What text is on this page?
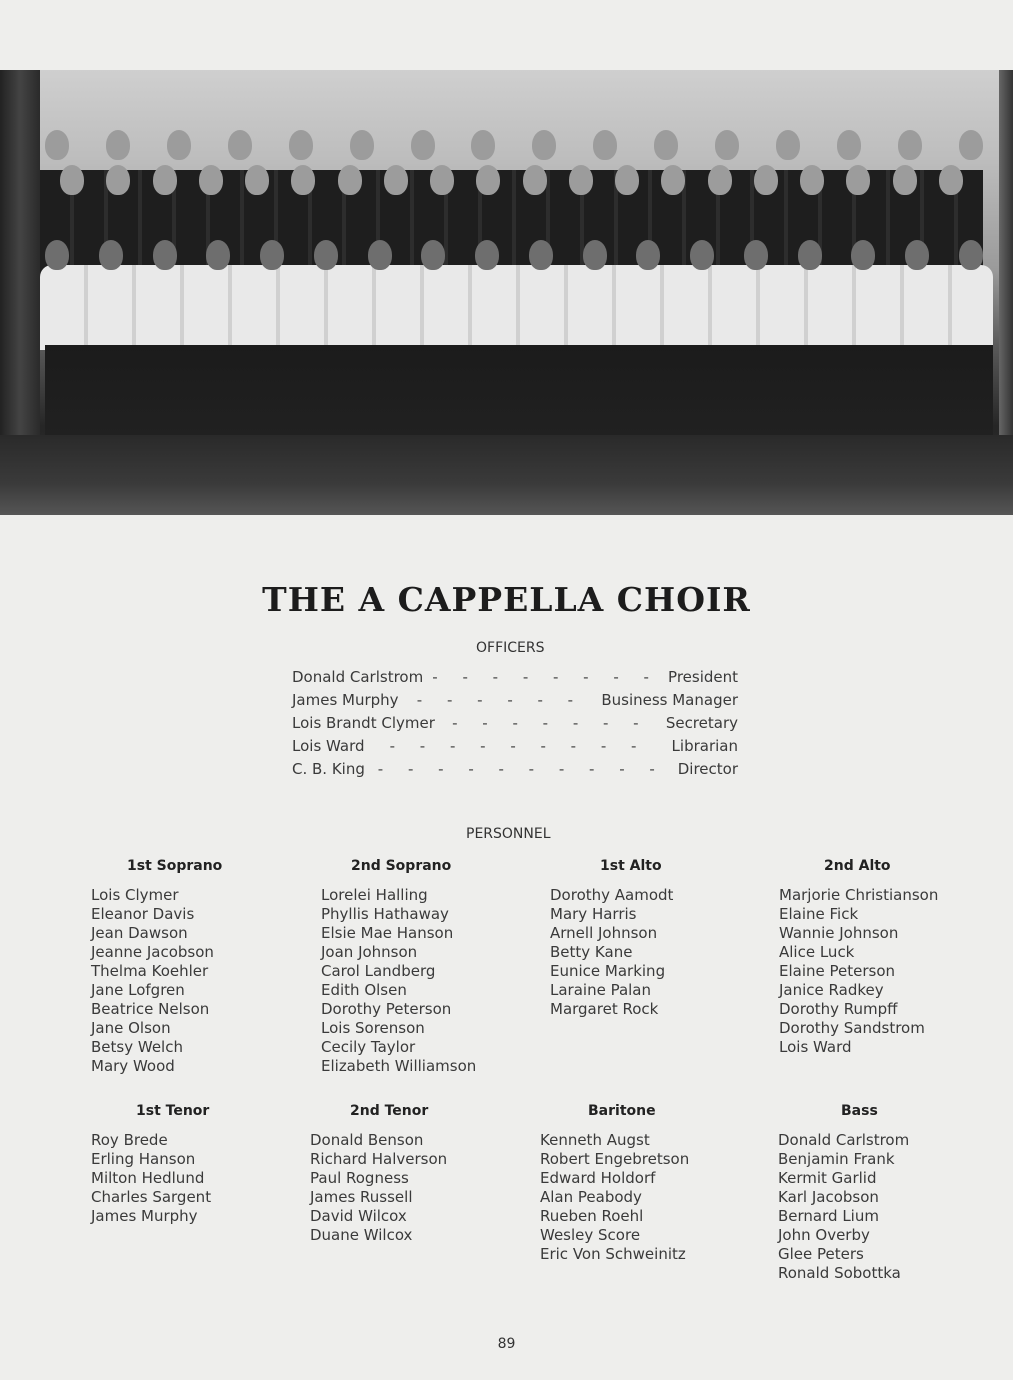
THE A CAPPELLA CHOIR
OFFICERS
Donald Carlstrom - - - - - - - - President
James Murphy	- - - - - -	Business Manager
Lois Brandt Clymer	- - - - - - -	Secretary
Lois Ward	- - - - - - - - -	Librarian
C. B. King - - - - - - - - - - Director
PERSONNEL
1st Soprano
Lois Clymer
Eleanor Davis
Jean Dawson
Jeanne Jacobson
Thelma Koehler
Jane Lofgren
Beatrice Nelson
Jane Olson
Betsy Welch
Mary Wood
2nd Soprano
Lorelei Halling
Phyllis Hathaway
Elsie Mae Hanson
Joan Johnson
Carol Landberg
Edith Olsen
Dorothy Peterson
Lois Sorenson
Cecily Taylor
Elizabeth Williamson
1st Alto
Dorothy Aamodt
Mary Harris
Arnell Johnson
Betty Kane
Eunice Marking
Laraine Palan
Margaret Rock
2nd Alto
Marjorie Christianson
Elaine Fick
Wannie Johnson
Alice Luck
Elaine Peterson
Janice Radkey
Dorothy Rumpff
Dorothy Sandstrom
Lois Ward
1st Tenor
Roy Brede
Erling Hanson
Milton Hedlund
Charles Sargent
James Murphy
2nd Tenor
Donald Benson
Richard Halverson
Paul Rogness
James Russell
David Wilcox
Duane Wilcox
Baritone
Kenneth Augst
Robert Engebretson
Edward Holdorf
Alan Peabody
Rueben Roehl
Wesley Score
Eric Von Schweinitz
Bass
Donald Carlstrom
Benjamin Frank
Kermit Garlid
Karl Jacobson
Bernard Lium
John Overby
Glee Peters
Ronald Sobottka
89
